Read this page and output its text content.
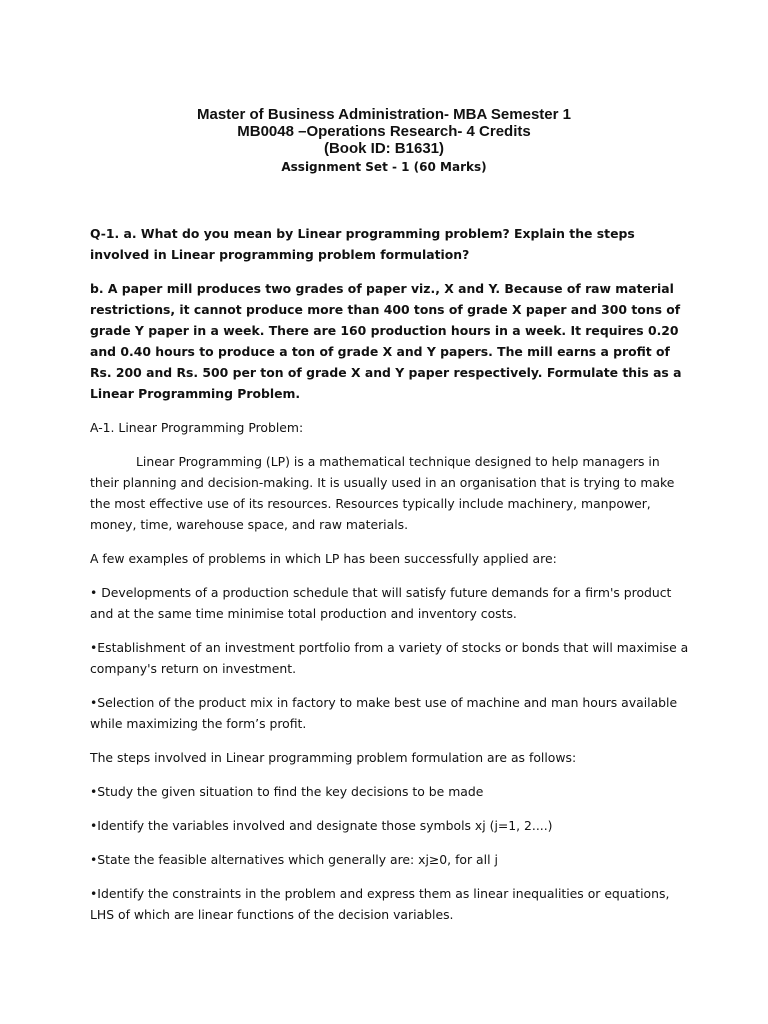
Master of Business Administration- MBA Semester 1

MB0048 –Operations Research- 4 Credits

(Book ID: B1631)

Assignment Set - 1 (60 Marks)

Q-1. a. What do you mean by Linear programming problem? Explain the steps involved in Linear programming problem formulation?

b. A paper mill produces two grades of paper viz., X and Y. Because of raw material restrictions, it cannot produce more than 400 tons of grade X paper and 300 tons of grade Y paper in a week. There are 160 production hours in a week. It requires 0.20 and 0.40 hours to produce a ton of grade X and Y papers. The mill earns a profit of Rs. 200 and Rs. 500 per ton of grade X and Y paper respectively. Formulate this as a Linear Programming Problem.

A-1. Linear Programming Problem:

Linear Programming (LP) is a mathematical technique designed to help managers in their planning and decision-making. It is usually used in an organisation that is trying to make the most effective use of its resources. Resources typically include machinery, manpower, money, time, warehouse space, and raw materials.

A few examples of problems in which LP has been successfully applied are:

• Developments of a production schedule that will satisfy future demands for a firm's product and at the same time minimise total production and inventory costs.

•Establishment of an investment portfolio from a variety of stocks or bonds that will maximise a company's return on investment.

•Selection of the product mix in factory to make best use of machine and man hours available while maximizing the form’s profit.

The steps involved in Linear programming problem formulation are as follows:

•Study the given situation to find the key decisions to be made

•Identify the variables involved and designate those symbols xj (j=1, 2....)

•State the feasible alternatives which generally are: xj≥0, for all j

•Identify the constraints in the problem and express them as linear inequalities or equations, LHS of which are linear functions of the decision variables.
